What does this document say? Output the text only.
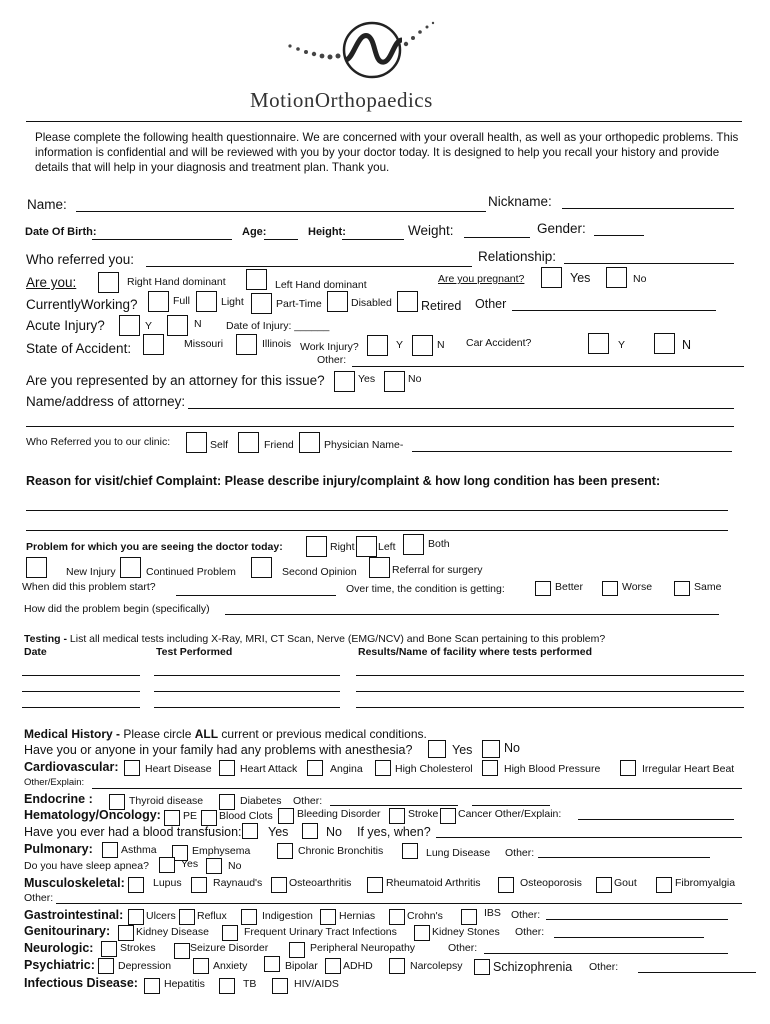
MotionOrthopaedics
Please complete the following health questionnaire. We are concerned with your overall health, as well as your orthopedic problems. This information is confidential and will be reviewed with you by your doctor today. It is designed to help you recall your history and provide details that will help in your diagnosis and treatment plan. Thank you.
Name:	Nickname:
Date Of Birth:	Age:	Height:	Weight:	Gender:
Who referred you:	Relationship:
Are you:	Right Hand dominant	Left Hand dominant	Are you pregnant?	Yes	No
CurrentlyWorking?	Full	Light	Part-Time	Disabled Retired Other
Acute Injury?	Y	N Date of Injury: ______
State of Accident:	Missouri	Illinois Work Injury?	Y	N Car Accident?	Y	N
Other:
Are you represented by an attorney for this issue?	Yes	No
Name/address of attorney:
Who Referred you to our clinic:	Self	Friend	Physician Name-
Reason for visit/chief Complaint: Please describe injury/complaint & how long condition has been present:
Problem for which you are seeing the doctor today:	Right Left	Both
New Injury	Continued Problem	Second Opinion	Referral for surgery
When did this problem start?	Over time, the condition is getting:	Better	Worse	Same
How did the problem begin (specifically)
Testing - List all medical tests including X-Ray, MRI, CT Scan, Nerve (EMG/NCV) and Bone Scan pertaining to this problem?
Date	Test Performed	Results/Name of facility where tests performed
Medical History - Please circle ALL current or previous medical conditions.
Have you or anyone in your family had any problems with anesthesia?	Yes	No
Cardiovascular:	Heart Disease	Heart Attack	Angina	High Cholesterol	High Blood Pressure	Irregular Heart Beat
Other/Explain:
Endocrine :	Thyroid disease	Diabetes Other:
Hematology/Oncology: PE Blood Clots Bleeding Disorder	Stroke Cancer Other/Explain:
Have you ever had a blood transfusion: Yes	No If yes, when?
Pulmonary:	Asthma	Emphysema	Chronic Bronchitis	Lung Disease Other:
Do you have sleep apnea?	Yes	No
Musculoskeletal:	Lupus	Raynaud's	Osteoarthritis	Rheumatoid Arthritis	Osteoporosis	Gout	Fibromyalgia
Other:
Gastrointestinal: Ulcers Reflux	Indigestion Hernias	Crohn's	IBS Other:
Genitourinary: Kidney Disease	Frequent Urinary Tract Infections	Kidney Stones Other:
Neurologic:	Strokes	Seizure Disorder	Peripheral Neuropathy	Other:
Psychiatric: Depression	Anxiety	Bipolar ADHD	Narcolepsy Schizophrenia Other:
Infectious Disease: Hepatitis	TB	HIV/AIDS
